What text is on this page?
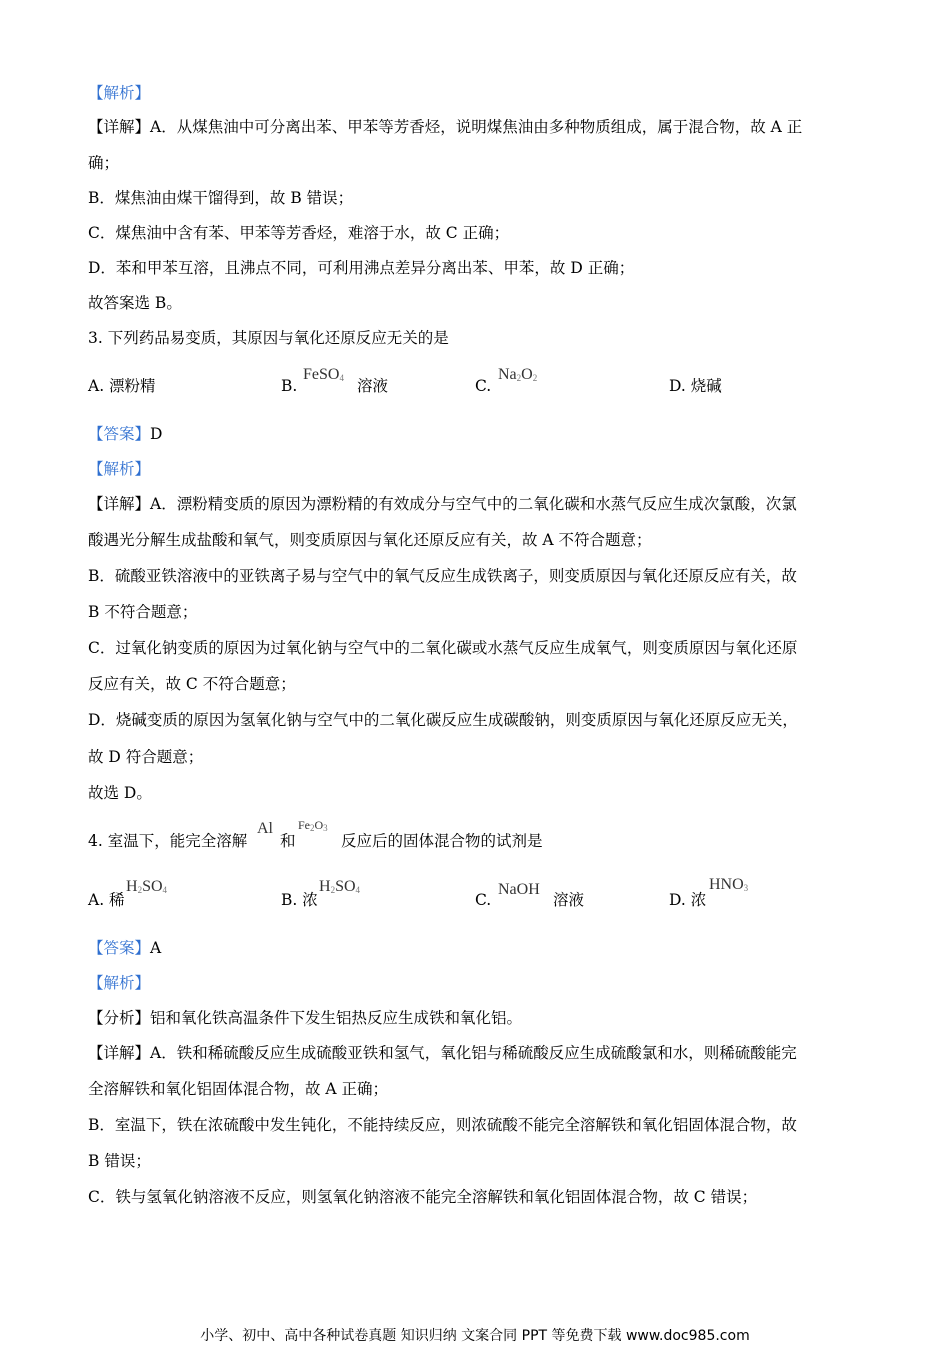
【解析】
【详解】A．从煤焦油中可分离出苯、甲苯等芳香烃，说明煤焦油由多种物质组成，属于混合物，故 A 正
确；
B．煤焦油由煤干馏得到，故 B 错误；
C．煤焦油中含有苯、甲苯等芳香烃，难溶于水，故 C 正确；
D．苯和甲苯互溶，且沸点不同，可利用沸点差异分离出苯、甲苯，故 D 正确；
故答案选 B。
3. 下列药品易变质，其原因与氧化还原反应无关的是
A. 漂粉精	B.
FeSO$_4$ 溶液	C.
$Na_2O_2$	D. 烧碱
【答案】D
【解析】
【详解】A．漂粉精变质的原因为漂粉精的有效成分与空气中的二氧化碳和水蒸气反应生成次氯酸，次氯
酸遇光分解生成盐酸和氧气，则变质原因与氧化还原反应有关，故 A 不符合题意；
B．硫酸亚铁溶液中的亚铁离子易与空气中的氧气反应生成铁离子，则变质原因与氧化还原反应有关，故
B 不符合题意；
C．过氧化钠变质的原因为过氧化钠与空气中的二氧化碳或水蒸气反应生成氧气，则变质原因与氧化还原
反应有关，故 C 不符合题意；
D．烧碱变质的原因为氢氧化钠与空气中的二氧化碳反应生成碳酸钠，则变质原因与氧化还原反应无关，
故 D 符合题意；
故选 D。
4. 室温下，能完全溶解
Al
和
$Fe_2O_3$
反应后的固体混合物的试剂是
A. 稀
$H_2SO_4$
B. 浓
$H_2SO_4$
C.
NaOH
溶液	D. 浓
$HNO_3$
【答案】A
【解析】
【分析】铝和氧化铁高温条件下发生铝热反应生成铁和氧化铝。
【详解】A．铁和稀硫酸反应生成硫酸亚铁和氢气，氧化铝与稀硫酸反应生成硫酸氯和水，则稀硫酸能完
全溶解铁和氧化铝固体混合物，故 A 正确；
B．室温下，铁在浓硫酸中发生钝化，不能持续反应，则浓硫酸不能完全溶解铁和氧化铝固体混合物，故
B 错误；
C．铁与氢氧化钠溶液不反应，则氢氧化钠溶液不能完全溶解铁和氧化铝固体混合物，故 C 错误；
小学、初中、高中各种试卷真题 知识归纳 文案合同 PPT 等免费下载 www.doc985.com
